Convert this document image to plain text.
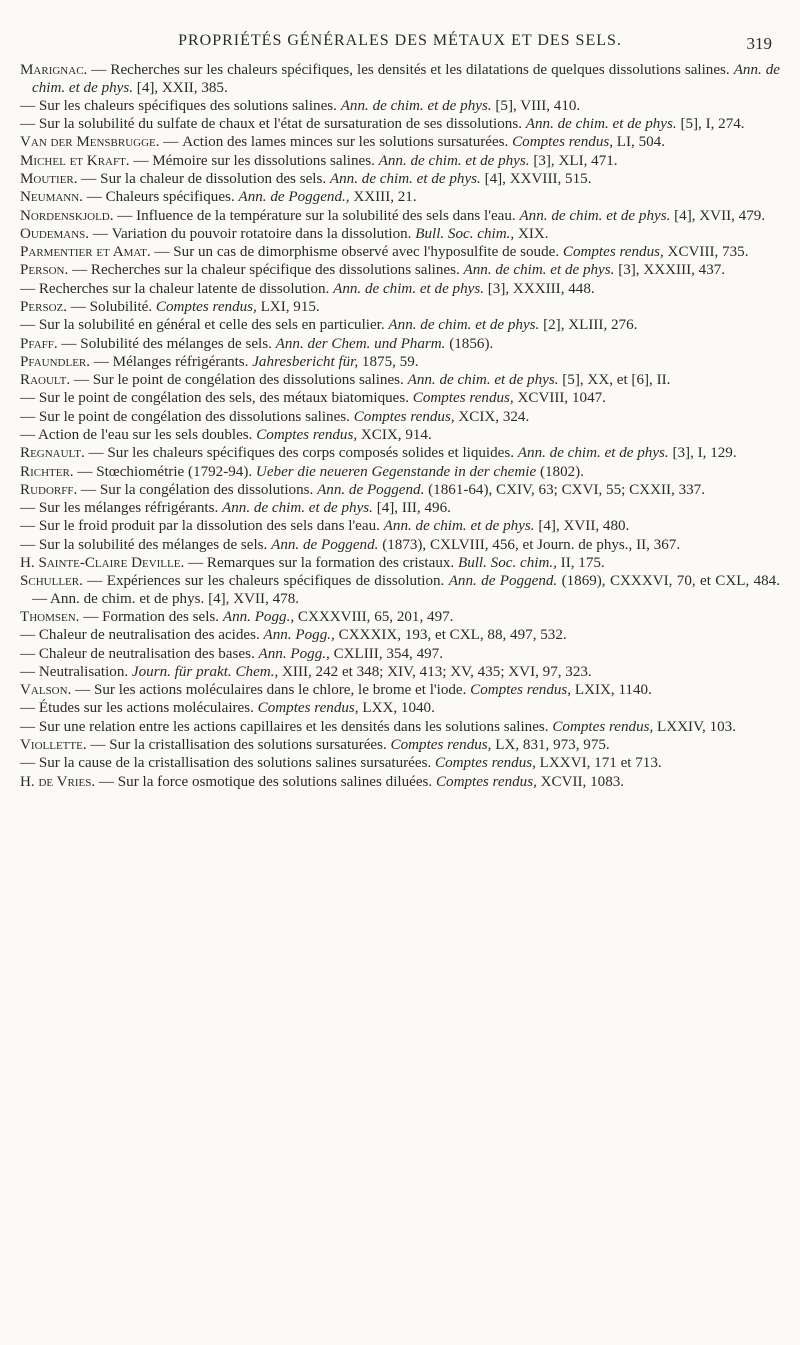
PROPRIÉTÉS GÉNÉRALES DES MÉTAUX ET DES SELS.	319

Marignac. — Recherches sur les chaleurs spécifiques, les densités et les dilatations de quelques dissolutions salines. Ann. de chim. et de phys. [4], XXII, 385.

— Sur les chaleurs spécifiques des solutions salines. Ann. de chim. et de phys. [5], VIII, 410.

— Sur la solubilité du sulfate de chaux et l'état de sursaturation de ses dissolutions. Ann. de chim. et de phys. [5], I, 274.

Van der Mensbrugge. — Action des lames minces sur les solutions sursaturées. Comptes rendus, LI, 504.

Michel et Kraft. — Mémoire sur les dissolutions salines. Ann. de chim. et de phys. [3], XLI, 471.

Moutier. — Sur la chaleur de dissolution des sels. Ann. de chim. et de phys. [4], XXVIII, 515.

Neumann. — Chaleurs spécifiques. Ann. de Poggend., XXIII, 21.

Nordenskjold. — Influence de la température sur la solubilité des sels dans l'eau. Ann. de chim. et de phys. [4], XVII, 479.

Oudemans. — Variation du pouvoir rotatoire dans la dissolution. Bull. Soc. chim., XIX.

Parmentier et Amat. — Sur un cas de dimorphisme observé avec l'hyposulfite de soude. Comptes rendus, XCVIII, 735.

Person. — Recherches sur la chaleur spécifique des dissolutions salines. Ann. de chim. et de phys. [3], XXXIII, 437.

— Recherches sur la chaleur latente de dissolution. Ann. de chim. et de phys. [3], XXXIII, 448.

Persoz. — Solubilité. Comptes rendus, LXI, 915.

— Sur la solubilité en général et celle des sels en particulier. Ann. de chim. et de phys. [2], XLIII, 276.

Pfaff. — Solubilité des mélanges de sels. Ann. der Chem. und Pharm. (1856).

Pfaundler. — Mélanges réfrigérants. Jahresbericht für, 1875, 59.

Raoult. — Sur le point de congélation des dissolutions salines. Ann. de chim. et de phys. [5], XX, et [6], II.

— Sur le point de congélation des sels, des métaux biatomiques. Comptes rendus, XCVIII, 1047.

— Sur le point de congélation des dissolutions salines. Comptes rendus, XCIX, 324.

— Action de l'eau sur les sels doubles. Comptes rendus, XCIX, 914.

Regnault. — Sur les chaleurs spécifiques des corps composés solides et liquides. Ann. de chim. et de phys. [3], I, 129.

Richter. — Stœchiométrie (1792-94). Ueber die neueren Gegenstande in der chemie (1802).

Rudorff. — Sur la congélation des dissolutions. Ann. de Poggend. (1861-64), CXIV, 63; CXVI, 55; CXXII, 337.

— Sur les mélanges réfrigérants. Ann. de chim. et de phys. [4], III, 496.

— Sur le froid produit par la dissolution des sels dans l'eau. Ann. de chim. et de phys. [4], XVII, 480.

— Sur la solubilité des mélanges de sels. Ann. de Poggend. (1873), CXLVIII, 456, et Journ. de phys., II, 367.

H. Sainte-Claire Deville. — Remarques sur la formation des cristaux. Bull. Soc. chim., II, 175.

Schuller. — Expériences sur les chaleurs spécifiques de dissolution. Ann. de Poggend. (1869), CXXXVI, 70, et CXL, 484. — Ann. de chim. et de phys. [4], XVII, 478.

Thomsen. — Formation des sels. Ann. Pogg., CXXXVIII, 65, 201, 497.

— Chaleur de neutralisation des acides. Ann. Pogg., CXXXIX, 193, et CXL, 88, 497, 532.

— Chaleur de neutralisation des bases. Ann. Pogg., CXLIII, 354, 497.

— Neutralisation. Journ. für prakt. Chem., XIII, 242 et 348; XIV, 413; XV, 435; XVI, 97, 323.

Valson. — Sur les actions moléculaires dans le chlore, le brome et l'iode. Comptes rendus, LXIX, 1140.

— Études sur les actions moléculaires. Comptes rendus, LXX, 1040.

— Sur une relation entre les actions capillaires et les densités dans les solutions salines. Comptes rendus, LXXIV, 103.

Viollette. — Sur la cristallisation des solutions sursaturées. Comptes rendus, LX, 831, 973, 975.

— Sur la cause de la cristallisation des solutions salines sursaturées. Comptes rendus, LXXVI, 171 et 713.

H. de Vries. — Sur la force osmotique des solutions salines diluées. Comptes rendus, XCVII, 1083.
